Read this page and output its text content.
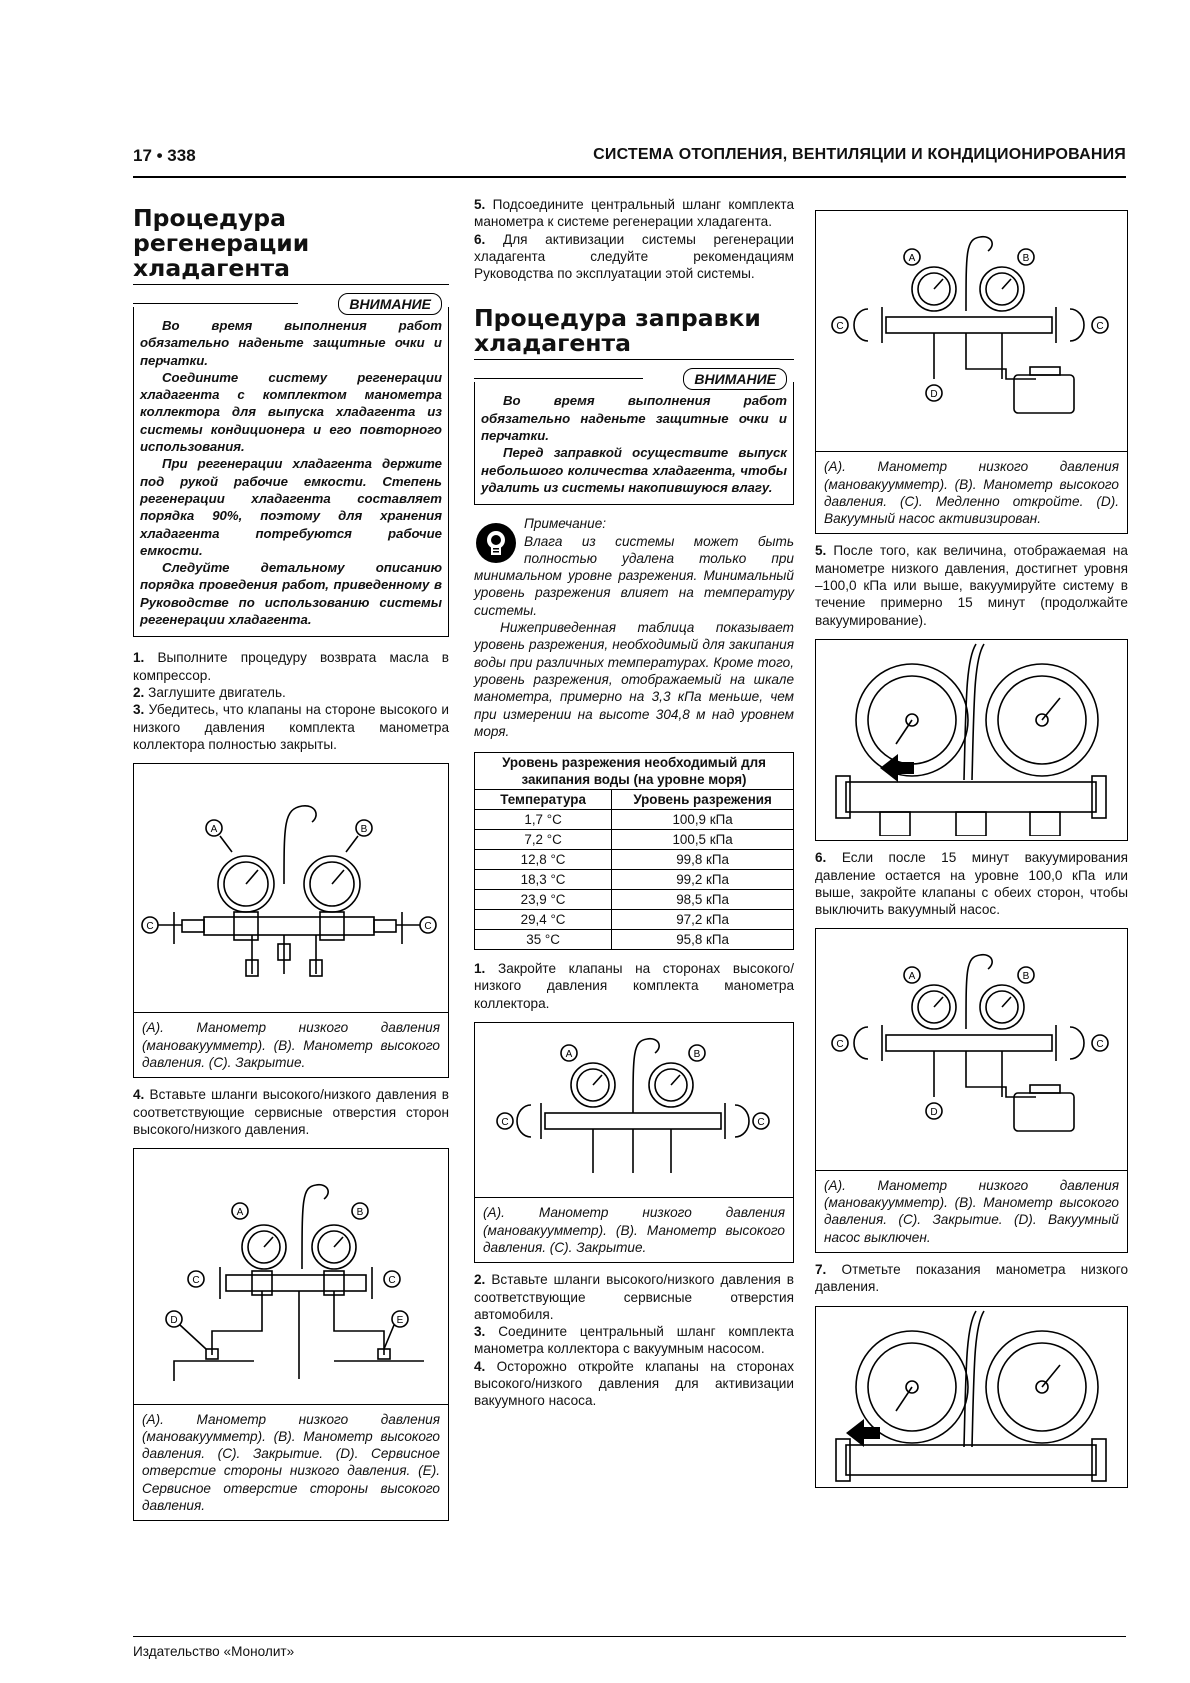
17 • 338	СИСТЕМА ОТОПЛЕНИЯ, ВЕНТИЛЯЦИИ И КОНДИЦИОНИРОВАНИЯ
Процедура регенерации хладагента
ВНИМАНИЕ

Во время выполнения работ обязательно наденьте защитные очки и перчатки.

Соедините систему регенерации хладагента с комплектом манометра коллектора для выпуска хладагента из системы кондиционера и его повторного использования.

При регенерации хладагента держите под рукой рабочие емкости. Степень регенерации хладагента составляет порядка 90%, поэтому для хранения хладагента потребуются рабочие емкости.

Следуйте детальному описанию порядка проведения работ, приведенному в Руководстве по использованию системы регенерации хладагента.

1. Выполните процедуру возврата масла в компрессор.

2. Заглушите двигатель.

3. Убедитесь, что клапаны на стороне высокого и низкого давления комплекта манометра коллектора полностью закрыты.

A	B
C	C
(A). Манометр низкого давления (мановакуумметр). (B). Манометр высокого давления. (C). Закрытие.

4. Вставьте шланги высокого/низкого давления в соответствующие сервисные отверстия сторон высокого/низкого давления.

A	B
C	C
D	E
(A). Манометр низкого давления (мановакуумметр). (B). Манометр высокого давления. (C). Закрытие. (D). Сервисное отверстие стороны низкого давления. (E). Сервисное отверстие стороны высокого давления.

5. Подсоедините центральный шланг комплекта манометра к системе регенерации хладагента.

6. Для активизации системы регенерации хладагента следуйте рекомендациям Руководства по эксплуатации этой системы.

Процедура заправки хладагента
ВНИМАНИЕ

Во время выполнения работ обязательно наденьте защитные очки и перчатки.

Перед заправкой осуществите выпуск небольшого количества хладагента, чтобы удалить из системы накопившуюся влагу.

Примечание:

Влага из системы может быть полностью удалена только при минимальном уровне разрежения. Минимальный уровень разрежения влияет на температуру системы.

Нижеприведенная таблица показывает уровень разрежения, необходимый для закипания воды при различных температурах. Кроме того, уровень разрежения, отображаемый на шкале манометра, примерно на 3,3 кПа меньше, чем при измерении на высоте 304,8 м над уровнем моря.

Уровень разрежения необходимый для закипания воды (на уровне моря)	
Температура	Уровень разрежения
1,7 °C	100,9 кПа
7,2 °C	100,5 кПа
12,8 °C	99,8 кПа
18,3 °C	99,2 кПа
23,9 °C	98,5 кПа
29,4 °C	97,2 кПа
35 °C	95,8 кПа

1. Закройте клапаны на сторонах высокого/низкого давления комплекта манометра коллектора.

A	B
C	C
(A). Манометр низкого давления (мановакуумметр). (B). Манометр высокого давления. (C). Закрытие.

2. Вставьте шланги высокого/низкого давления в соответствующие сервисные отверстия автомобиля.

3. Соедините центральный шланг комплекта манометра коллектора с вакуумным насосом.

4. Осторожно откройте клапаны на сторонах высокого/низкого давления для активизации вакуумного насоса.

A	B
C	C
D
(A). Манометр низкого давления (мановакуумметр). (B). Манометр высокого давления. (C). Медленно откройте. (D). Вакуумный насос активизирован.

5. После того, как величина, отображаемая на манометре низкого давления, достигнет уровня –100,0 кПа или выше, вакуумируйте систему в течение примерно 15 минут (продолжайте вакуумирование).

6. Если после 15 минут вакуумирования давление остается на уровне 100,0 кПа или выше, закройте клапаны с обеих сторон, чтобы выключить вакуумный насос.

A	B
C	C
D
(A). Манометр низкого давления (мановакуумметр). (B). Манометр высокого давления. (C). Закрытие. (D). Вакуумный насос выключен.

7. Отметьте показания манометра низкого давления.

Издательство «Монолит»
